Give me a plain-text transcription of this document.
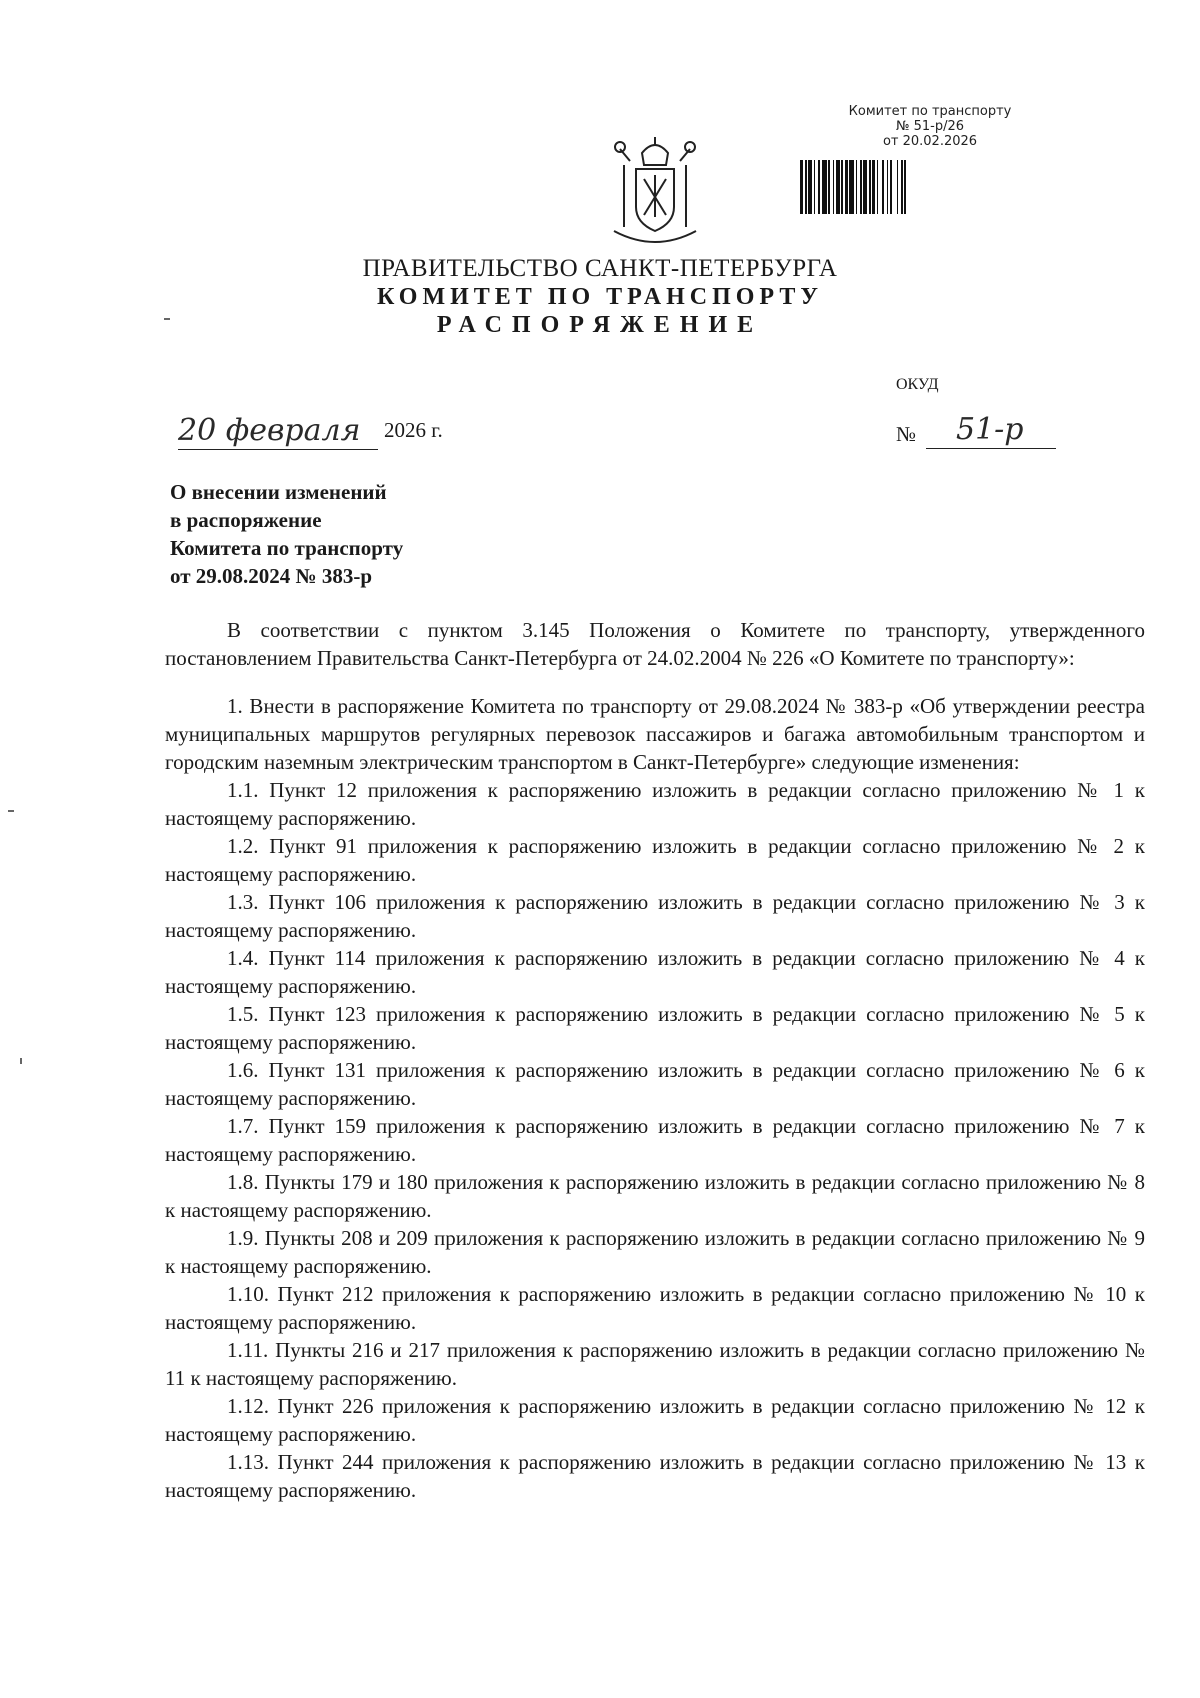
Комитет по транспорту
№ 51-р/26
от 20.02.2026
ПРАВИТЕЛЬСТВО САНКТ-ПЕТЕРБУРГА
КОМИТЕТ ПО ТРАНСПОРТУ
РАСПОРЯЖЕНИЕ
ОКУД
20 февраля	2026 г.	№	51-р
О внесении изменений
в распоряжение
Комитета по транспорту
от 29.08.2024 № 383-р

В соответствии с пунктом 3.145 Положения о Комитете по транспорту, утвержденного постановлением Правительства Санкт-Петербурга от 24.02.2004 № 226 «О Комитете по транспорту»:

1. Внести в распоряжение Комитета по транспорту от 29.08.2024 № 383-р «Об утверждении реестра муниципальных маршрутов регулярных перевозок пассажиров и багажа автомобильным транспортом и городским наземным электрическим транспортом в Санкт-Петербурге» следующие изменения:

1.1. Пункт 12 приложения к распоряжению изложить в редакции согласно приложению № 1 к настоящему распоряжению.

1.2. Пункт 91 приложения к распоряжению изложить в редакции согласно приложению № 2 к настоящему распоряжению.

1.3. Пункт 106 приложения к распоряжению изложить в редакции согласно приложению № 3 к настоящему распоряжению.

1.4. Пункт 114 приложения к распоряжению изложить в редакции согласно приложению № 4 к настоящему распоряжению.

1.5. Пункт 123 приложения к распоряжению изложить в редакции согласно приложению № 5 к настоящему распоряжению.

1.6. Пункт 131 приложения к распоряжению изложить в редакции согласно приложению № 6 к настоящему распоряжению.

1.7. Пункт 159 приложения к распоряжению изложить в редакции согласно приложению № 7 к настоящему распоряжению.

1.8. Пункты 179 и 180 приложения к распоряжению изложить в редакции согласно приложению № 8 к настоящему распоряжению.

1.9. Пункты 208 и 209 приложения к распоряжению изложить в редакции согласно приложению № 9 к настоящему распоряжению.

1.10. Пункт 212 приложения к распоряжению изложить в редакции согласно приложению № 10 к настоящему распоряжению.

1.11. Пункты 216 и 217 приложения к распоряжению изложить в редакции согласно приложению № 11 к настоящему распоряжению.

1.12. Пункт 226 приложения к распоряжению изложить в редакции согласно приложению № 12 к настоящему распоряжению.

1.13. Пункт 244 приложения к распоряжению изложить в редакции согласно приложению № 13 к настоящему распоряжению.
